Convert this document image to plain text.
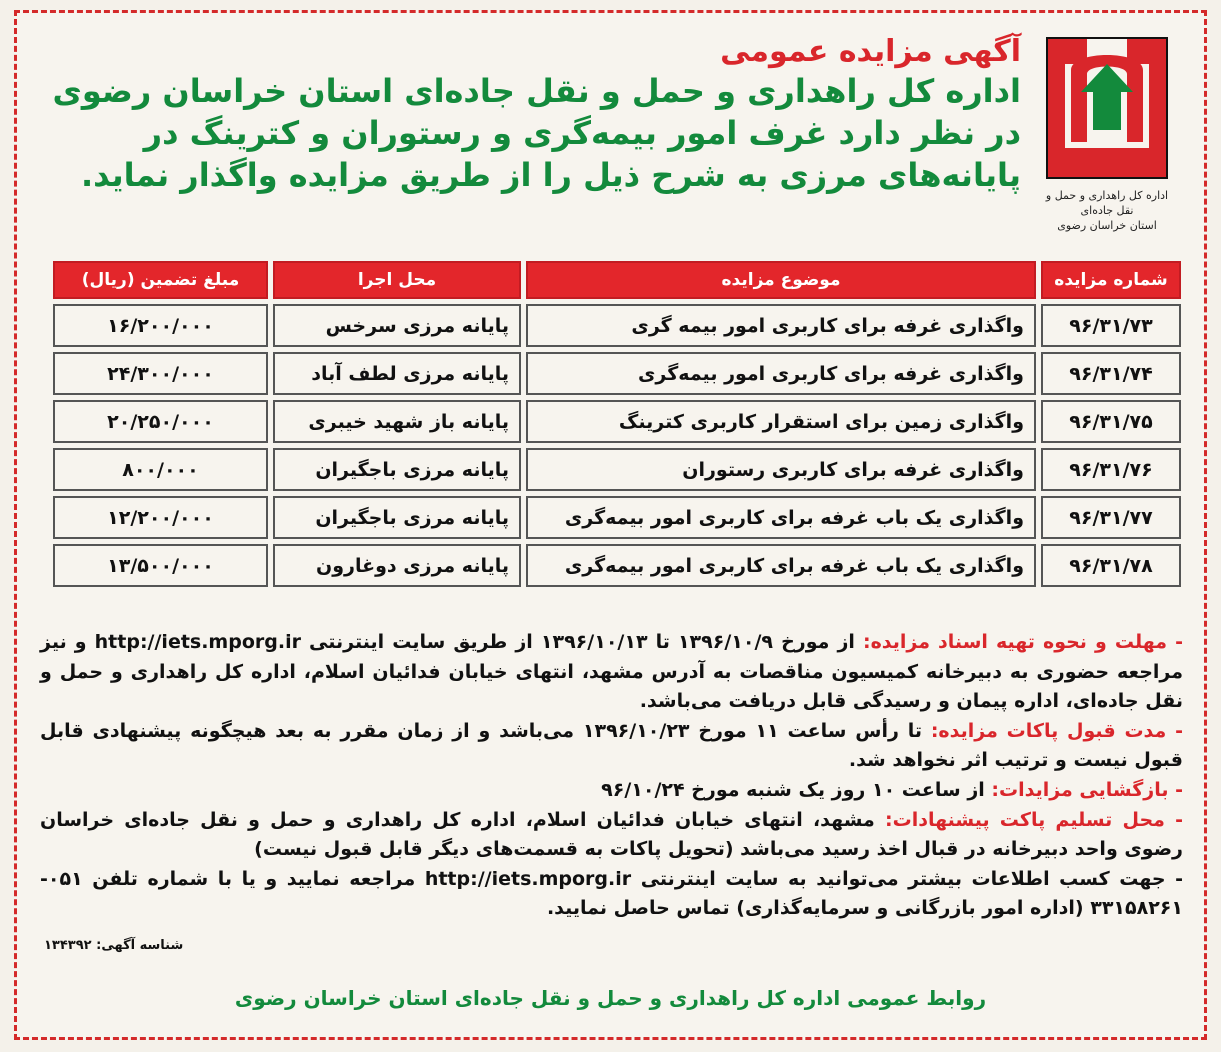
اداره کل راهداری و حمل و نقل جاده‌ای
استان خراسان رضوی

آگهی مزایده عمومی

اداره کل راهداری و حمل و نقل جاده‌ای استان خراسان رضوی

در نظر دارد غرف امور بیمه‌گری و رستوران و کترینگ در

پایانه‌های مرزی به شرح ذیل را از طریق مزایده واگذار نماید.

شماره مزایده	موضوع مزایده	محل اجرا	مبلغ تضمین (ریال)
۹۶/۳۱/۷۳	واگذاری غرفه برای کاربری امور بیمه گری	پایانه مرزی سرخس	۱۶/۲۰۰/۰۰۰
۹۶/۳۱/۷۴	واگذاری غرفه برای کاربری امور بیمه‌گری	پایانه مرزی لطف آباد	۲۴/۳۰۰/۰۰۰
۹۶/۳۱/۷۵	واگذاری زمین برای استقرار کاربری کترینگ	پایانه باز شهید خیبری	۲۰/۲۵۰/۰۰۰
۹۶/۳۱/۷۶	واگذاری غرفه برای کاربری رستوران	پایانه مرزی باجگیران	۸۰۰/۰۰۰
۹۶/۳۱/۷۷	واگذاری یک باب غرفه برای کاربری امور بیمه‌گری	پایانه مرزی باجگیران	۱۲/۲۰۰/۰۰۰
۹۶/۳۱/۷۸	واگذاری یک باب غرفه برای کاربری امور بیمه‌گری	پایانه مرزی دوغارون	۱۳/۵۰۰/۰۰۰

- مهلت و نحوه تهیه اسناد مزایده: از مورخ ۱۳۹۶/۱۰/۹ تا ۱۳۹۶/۱۰/۱۳ از طریق سایت اینترنتی http://iets.mporg.ir و نیز مراجعه حضوری به دبیرخانه کمیسیون مناقصات به آدرس مشهد، انتهای خیابان فدائیان اسلام، اداره کل راهداری و حمل و نقل جاده‌ای، اداره پیمان و رسیدگی قابل دریافت می‌باشد.

- مدت قبول پاکات مزایده: تا رأس ساعت ۱۱ مورخ ۱۳۹۶/۱۰/۲۳ می‌باشد و از زمان مقرر به بعد هیچگونه پیشنهادی قابل قبول نیست و ترتیب اثر نخواهد شد.

- بازگشایی مزایدات: از ساعت ۱۰ روز یک شنبه مورخ ۹۶/۱۰/۲۴

- محل تسلیم پاکت پیشنهادات: مشهد، انتهای خیابان فدائیان اسلام، اداره کل راهداری و حمل و نقل جاده‌ای خراسان رضوی واحد دبیرخانه در قبال اخذ رسید می‌باشد (تحویل پاکات به قسمت‌های دیگر قابل قبول نیست)

- جهت کسب اطلاعات بیشتر می‌توانید به سایت اینترنتی http://iets.mporg.ir مراجعه نمایید و یا با شماره تلفن ۰۵۱- ۳۳۱۵۸۲۶۱ (اداره امور بازرگانی و سرمایه‌گذاری) تماس حاصل نمایید.

شناسه آگهی: ۱۳۴۳۹۲
روابط عمومی اداره کل راهداری و حمل و نقل جاده‌ای استان خراسان رضوی
